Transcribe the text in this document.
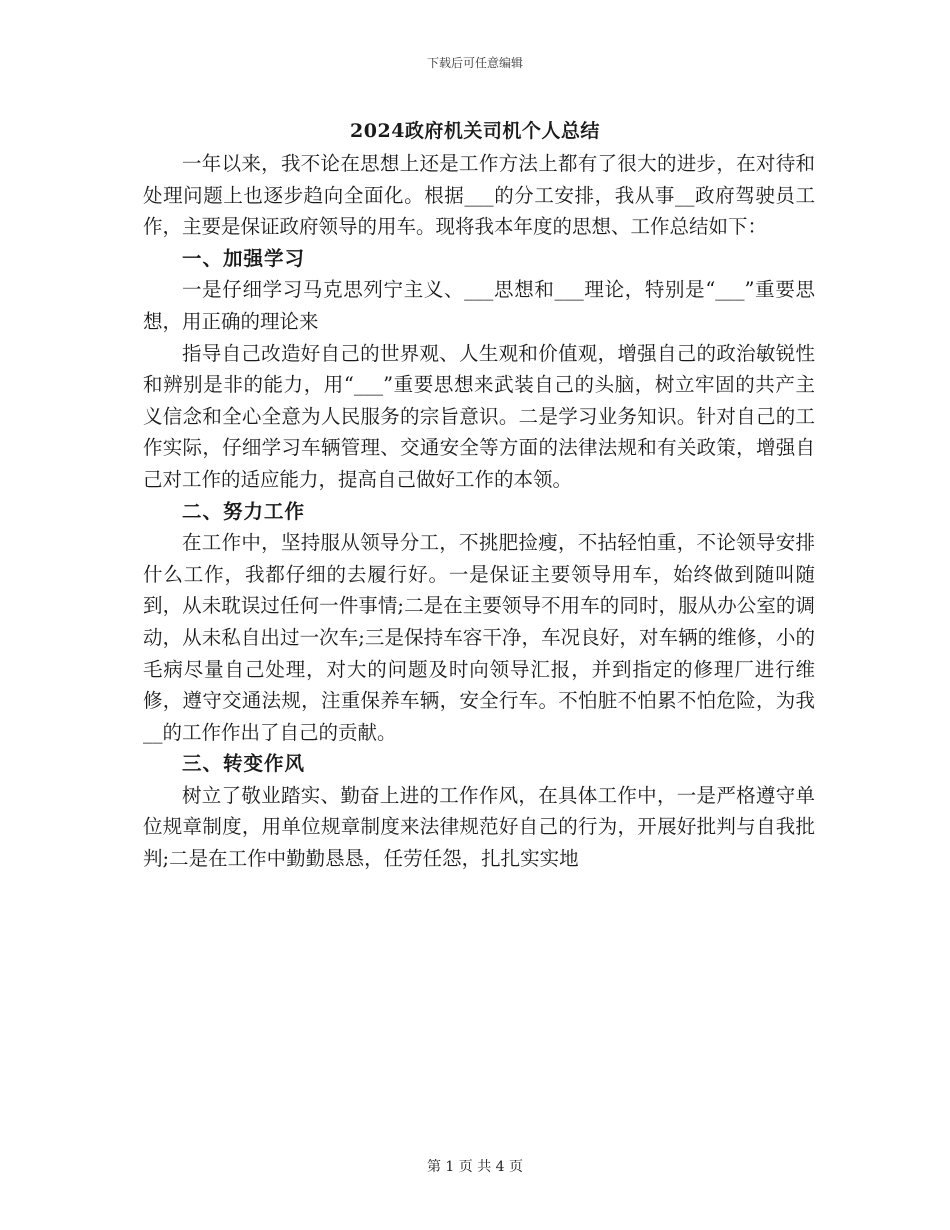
下载后可任意编辑
2024政府机关司机个人总结

一年以来，我不论在思想上还是工作方法上都有了很大的进步，在对待和处理问题上也逐步趋向全面化。根据___的分工安排，我从事__政府驾驶员工作，主要是保证政府领导的用车。现将我本年度的思想、工作总结如下：

一、加强学习

一是仔细学习马克思列宁主义、___思想和___理论，特别是“___”重要思想，用正确的理论来

指导自己改造好自己的世界观、人生观和价值观，增强自己的政治敏锐性和辨别是非的能力，用“___”重要思想来武装自己的头脑，树立牢固的共产主义信念和全心全意为人民服务的宗旨意识。二是学习业务知识。针对自己的工作实际，仔细学习车辆管理、交通安全等方面的法律法规和有关政策，增强自己对工作的适应能力，提高自己做好工作的本领。

二、努力工作

在工作中，坚持服从领导分工，不挑肥捡瘦，不拈轻怕重，不论领导安排什么工作，我都仔细的去履行好。一是保证主要领导用车，始终做到随叫随到，从未耽误过任何一件事情;二是在主要领导不用车的同时，服从办公室的调动，从未私自出过一次车;三是保持车容干净，车况良好，对车辆的维修，小的毛病尽量自己处理，对大的问题及时向领导汇报，并到指定的修理厂进行维修，遵守交通法规，注重保养车辆，安全行车。不怕脏不怕累不怕危险，为我__的工作作出了自己的贡献。

三、转变作风

树立了敬业踏实、勤奋上进的工作作风，在具体工作中，一是严格遵守单位规章制度，用单位规章制度来法律规范好自己的行为，开展好批判与自我批判;二是在工作中勤勤恳恳，任劳任怨，扎扎实实地

第 1 页 共 4 页
